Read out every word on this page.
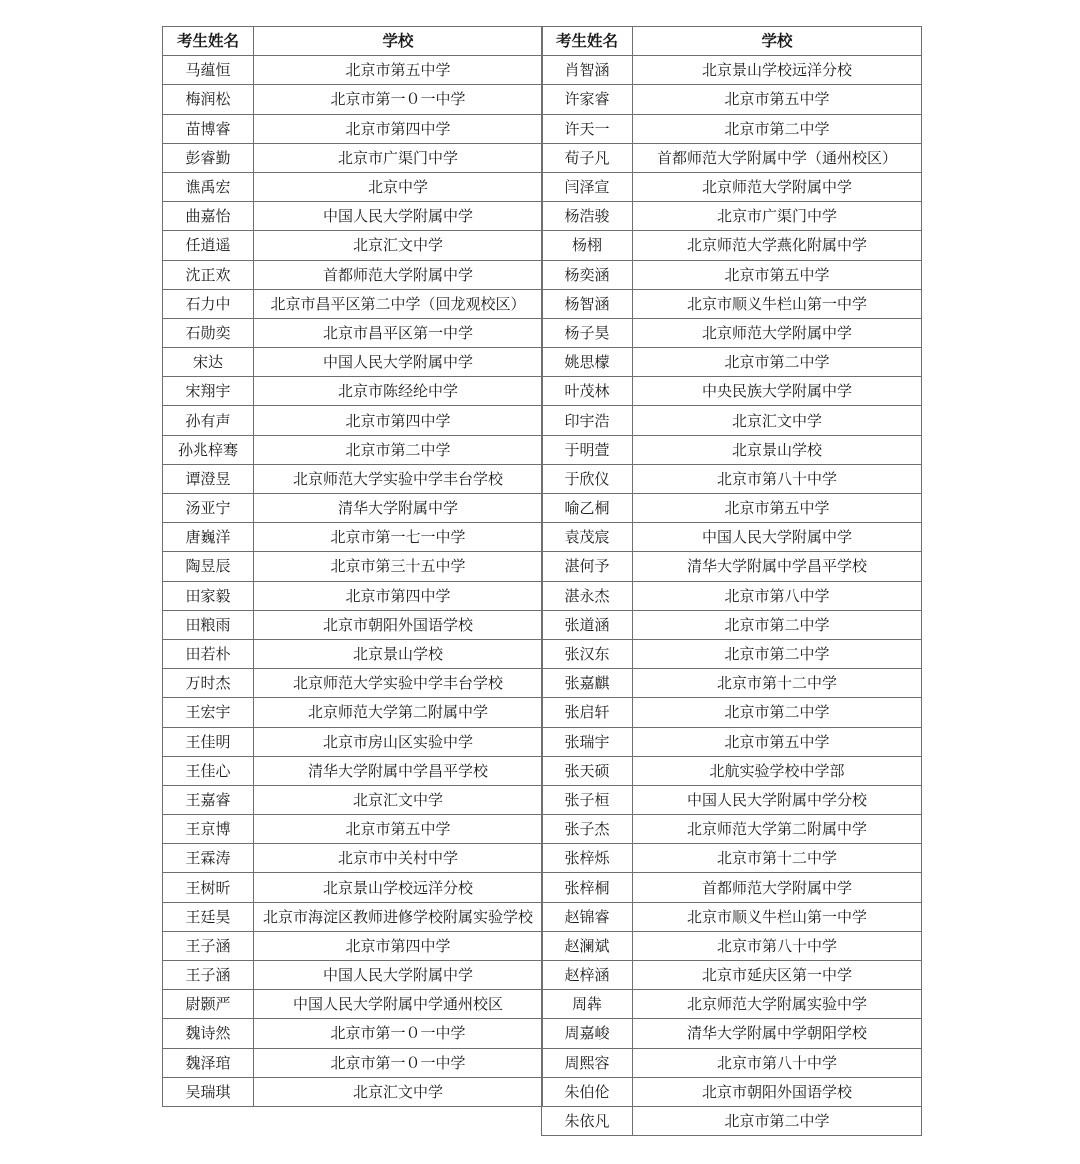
考生姓名	学校
马蕴恒	北京市第五中学
梅润松	北京市第一０一中学
苗博睿	北京市第四中学
彭睿勤	北京市广渠门中学
谯禹宏	北京中学
曲嘉怡	中国人民大学附属中学
任逍遥	北京汇文中学
沈正欢	首都师范大学附属中学
石力中	北京市昌平区第二中学（回龙观校区）
石勋奕	北京市昌平区第一中学
宋达	中国人民大学附属中学
宋翔宇	北京市陈经纶中学
孙有声	北京市第四中学
孙兆梓骞	北京市第二中学
谭澄昱	北京师范大学实验中学丰台学校
汤亚宁	清华大学附属中学
唐巍洋	北京市第一七一中学
陶昱辰	北京市第三十五中学
田家毅	北京市第四中学
田粮雨	北京市朝阳外国语学校
田若朴	北京景山学校
万时杰	北京师范大学实验中学丰台学校
王宏宇	北京师范大学第二附属中学
王佳明	北京市房山区实验中学
王佳心	清华大学附属中学昌平学校
王嘉睿	北京汇文中学
王京博	北京市第五中学
王霖涛	北京市中关村中学
王树昕	北京景山学校远洋分校
王廷昊	北京市海淀区教师进修学校附属实验学校

王子涵	北京市第四中学
王子涵	中国人民大学附属中学
尉颢严	中国人民大学附属中学通州校区
魏诗然	北京市第一０一中学
魏泽琯	北京市第一０一中学
吴瑞琪	北京汇文中学
考生姓名	学校
肖智涵	北京景山学校远洋分校
许家睿	北京市第五中学
许天一	北京市第二中学
荀子凡	首都师范大学附属中学（通州校区）
闫泽宣	北京师范大学附属中学
杨浩骏	北京市广渠门中学
杨栩	北京师范大学燕化附属中学
杨奕涵	北京市第五中学
杨智涵	北京市顺义牛栏山第一中学
杨子昊	北京师范大学附属中学
姚思檬	北京市第二中学
叶茂林	中央民族大学附属中学
印宇浩	北京汇文中学
于明萱	北京景山学校
于欣仪	北京市第八十中学
喻乙桐	北京市第五中学
袁茂宸	中国人民大学附属中学
湛何予	清华大学附属中学昌平学校
湛永杰	北京市第八中学
张道涵	北京市第二中学
张汉东	北京市第二中学
张嘉麒	北京市第十二中学
张启轩	北京市第二中学
张瑞宇	北京市第五中学
张天硕	北航实验学校中学部
张子桓	中国人民大学附属中学分校
张子杰	北京师范大学第二附属中学
张梓烁	北京市第十二中学
张梓桐	首都师范大学附属中学
赵锦睿	北京市顺义牛栏山第一中学
赵澜斌	北京市第八十中学
赵梓涵	北京市延庆区第一中学
周犇	北京师范大学附属实验中学
周嘉峻	清华大学附属中学朝阳学校
周熙容	北京市第八十中学
朱伯伦	北京市朝阳外国语学校
朱依凡	北京市第二中学
